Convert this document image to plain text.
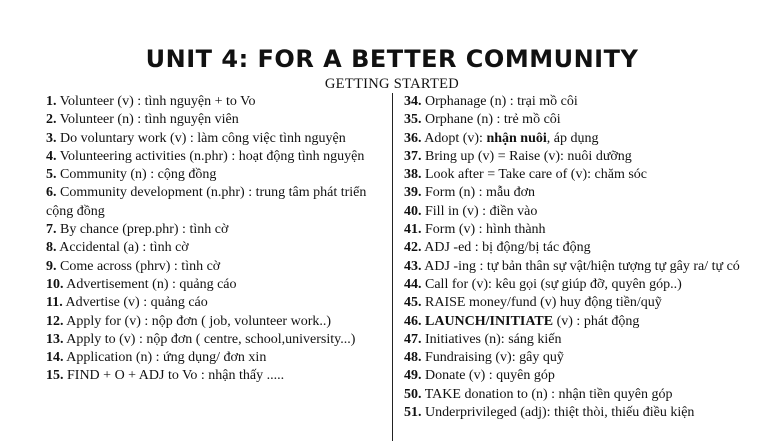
UNIT 4: FOR A BETTER COMMUNITY
GETTING STARTED
1. Volunteer (v) : tình nguyện + to Vo
2. Volunteer (n) : tình nguyện viên
3. Do voluntary work (v) : làm công việc tình nguyện
4. Volunteering activities (n.phr) : hoạt động tình nguyện
5. Community (n) : cộng đồng
6. Community development (n.phr) : trung tâm phát triển cộng đồng
7. By chance (prep.phr) : tình cờ
8. Accidental (a) : tình cờ
9. Come across (phrv) : tình cờ
10. Advertisement (n) : quảng cáo
11. Advertise (v) : quảng cáo
12. Apply for (v) : nộp đơn ( job, volunteer work..)
13. Apply to (v) : nộp đơn ( centre, school,university...)
14. Application (n) : ứng dụng/ đơn xin
15. FIND + O + ADJ to Vo : nhận thấy .....
34. Orphanage (n) : trại mồ côi
35. Orphane (n) : trẻ mồ côi
36. Adopt (v): nhận nuôi, áp dụng
37. Bring up (v) = Raise (v): nuôi dưỡng
38. Look after = Take care of (v): chăm sóc
39. Form (n) : mẫu đơn
40. Fill in (v) : điền vào
41. Form (v) : hình thành
42. ADJ -ed : bị động/bị tác động
43. ADJ -ing : tự bản thân sự vật/hiện tượng tự gây ra/ tự có
44. Call for (v): kêu gọi (sự giúp đỡ, quyên góp..)
45. RAISE money/fund (v) huy động tiền/quỹ
46. LAUNCH/INITIATE (v) : phát động
47. Initiatives (n): sáng kiến
48. Fundraising (v): gây quỹ
49. Donate (v) : quyên góp
50. TAKE donation to (n) : nhận tiền quyên góp
51. Underprivileged (adj): thiệt thòi, thiếu điều kiện
